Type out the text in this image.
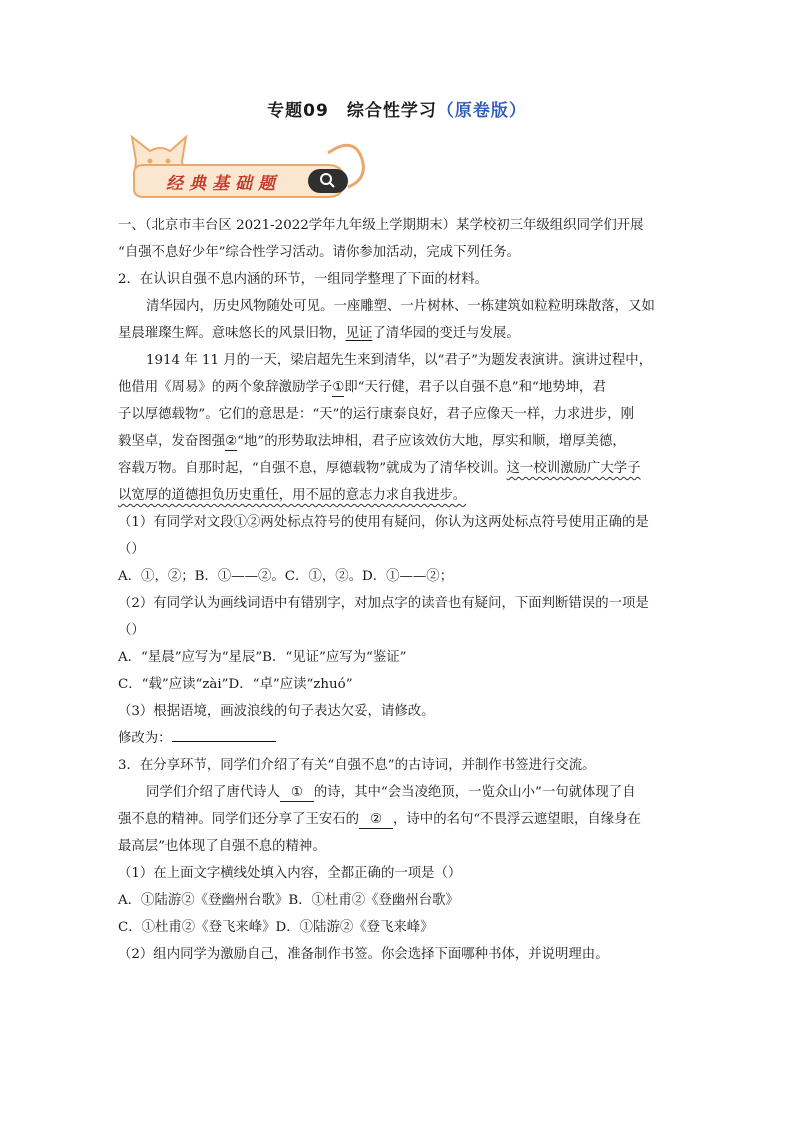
专题09　综合性学习（原卷版）
经典基础题
一、（北京市丰台区 2021-2022学年九年级上学期期末）某学校初三年级组织同学们开展
“自强不息好少年”综合性学习活动。请你参加活动，完成下列任务。
2．在认识自强不息内涵的环节，一组同学整理了下面的材料。
清华园内，历史风物随处可见。一座雕塑、一片树林、一栋建筑如粒粒明珠散落，又如
星晨璀璨生辉。意味悠长的风景旧物，见证了清华园的变迁与发展。
1914 年 11 月的一天，梁启超先生来到清华，以“君子”为题发表演讲。演讲过程中，
他借用《周易》的两个象辞激励学子①即“天行健，君子以自强不息”和“地势坤，君
子以厚德载物”。它们的意思是：“天”的运行康泰良好，君子应像天一样，力求进步，刚
毅坚卓，发奋图强②“地”的形势取法坤相，君子应该效仿大地，厚实和顺，增厚美德，
容载万物。自那时起，“自强不息，厚德载物”就成为了清华校训。这一校训激励广大学子
以宽厚的道德担负历史重任，用不屈的意志力求自我进步。
（1）有同学对文段①②两处标点符号的使用有疑问，你认为这两处标点符号使用正确的是
（）
A．①，②；B．①——②。C．①，②。D．①——②；
（2）有同学认为画线词语中有错别字，对加点字的读音也有疑问，下面判断错误的一项是
（）
A．“星晨”应写为“星辰”B．“见证”应写为“鉴证”
C．“载”应读“zài”D．“卓”应读“zhuó”
（3）根据语境，画波浪线的句子表达欠妥，请修改。
修改为：
3．在分享环节，同学们介绍了有关“自强不息”的古诗词，并制作书签进行交流。
同学们介绍了唐代诗人 ① 的诗，其中“会当凌绝顶，一览众山小”一句就体现了自
强不息的精神。同学们还分享了王安石的 ② ，诗中的名句“不畏浮云遮望眼，自缘身在
最高层”也体现了自强不息的精神。
（1）在上面文字横线处填入内容，全都正确的一项是（）
A．①陆游②《登幽州台歌》B．①杜甫②《登幽州台歌》
C．①杜甫②《登飞来峰》D．①陆游②《登飞来峰》
（2）组内同学为激励自己，准备制作书签。你会选择下面哪种书体，并说明理由。
